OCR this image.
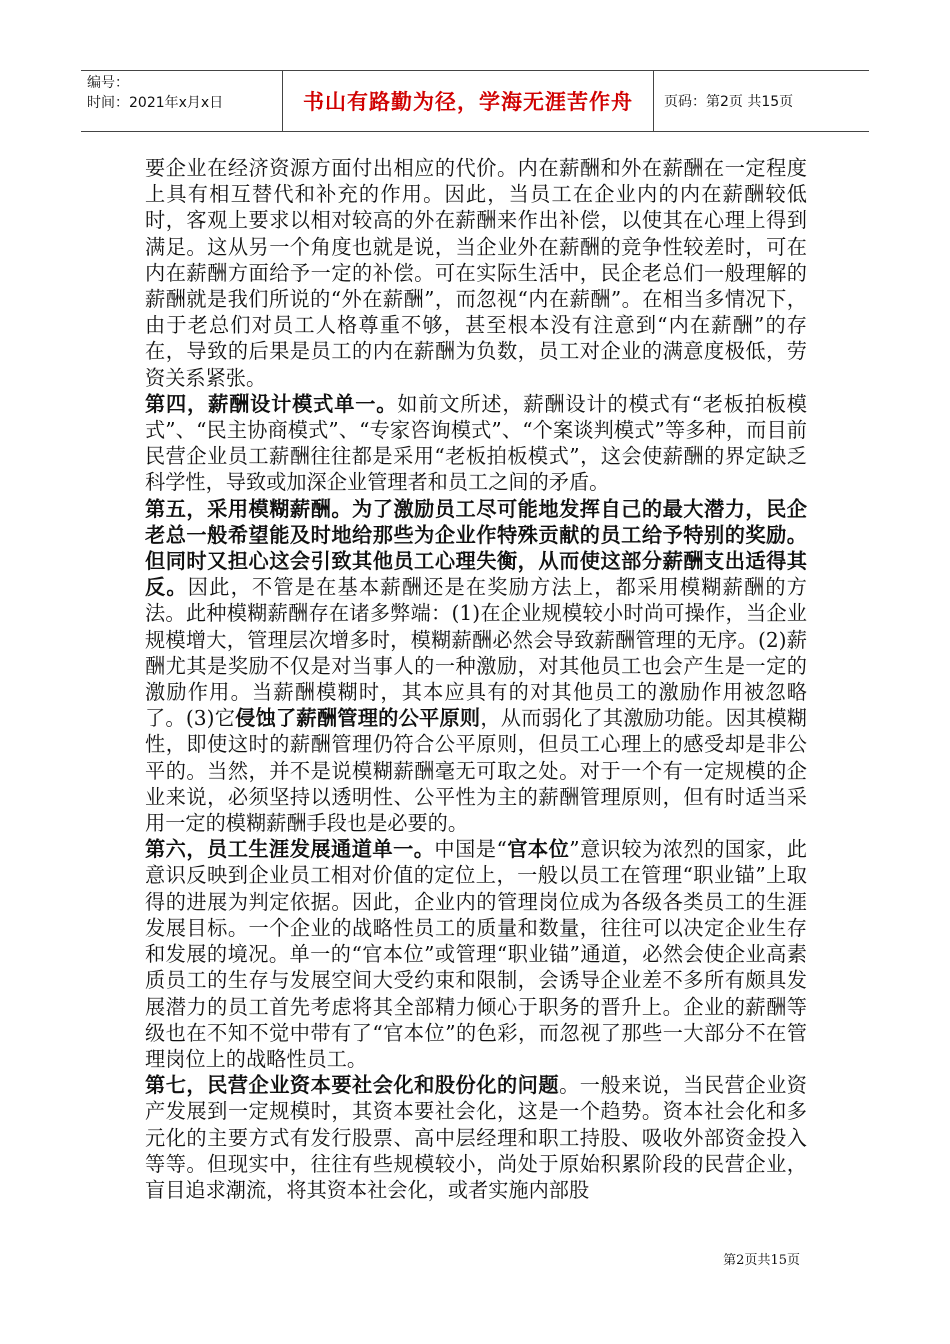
编号：
时间：2021年x月x日	书山有路勤为径，学海无涯苦作舟	页码：第2页 共15页

要企业在经济资源方面付出相应的代价。内在薪酬和外在薪酬在一定程度上具有相互替代和补充的作用。因此，当员工在企业内的内在薪酬较低时，客观上要求以相对较高的外在薪酬来作出补偿，以使其在心理上得到满足。这从另一个角度也就是说，当企业外在薪酬的竞争性较差时，可在内在薪酬方面给予一定的补偿。可在实际生活中，民企老总们一般理解的薪酬就是我们所说的“外在薪酬”，而忽视“内在薪酬”。在相当多情况下，由于老总们对员工人格尊重不够，甚至根本没有注意到“内在薪酬”的存在，导致的后果是员工的内在薪酬为负数，员工对企业的满意度极低，劳资关系紧张。

第四，薪酬设计模式单一。如前文所述，薪酬设计的模式有“老板拍板模式”、“民主协商模式”、“专家咨询模式”、“个案谈判模式”等多种，而目前民营企业员工薪酬往往都是采用“老板拍板模式”，这会使薪酬的界定缺乏科学性，导致或加深企业管理者和员工之间的矛盾。

第五，采用模糊薪酬。为了激励员工尽可能地发挥自己的最大潜力，民企老总一般希望能及时地给那些为企业作特殊贡献的员工给予特别的奖励。但同时又担心这会引致其他员工心理失衡，从而使这部分薪酬支出适得其反。因此，不管是在基本薪酬还是在奖励方法上，都采用模糊薪酬的方法。此种模糊薪酬存在诸多弊端：(1)在企业规模较小时尚可操作，当企业规模增大，管理层次增多时，模糊薪酬必然会导致薪酬管理的无序。(2)薪酬尤其是奖励不仅是对当事人的一种激励，对其他员工也会产生是一定的激励作用。当薪酬模糊时，其本应具有的对其他员工的激励作用被忽略了。(3)它侵蚀了薪酬管理的公平原则，从而弱化了其激励功能。因其模糊性，即使这时的薪酬管理仍符合公平原则，但员工心理上的感受却是非公平的。当然，并不是说模糊薪酬毫无可取之处。对于一个有一定规模的企业来说，必须坚持以透明性、公平性为主的薪酬管理原则，但有时适当采用一定的模糊薪酬手段也是必要的。

第六，员工生涯发展通道单一。中国是“官本位”意识较为浓烈的国家，此意识反映到企业员工相对价值的定位上，一般以员工在管理“职业锚”上取得的进展为判定依据。因此，企业内的管理岗位成为各级各类员工的生涯发展目标。一个企业的战略性员工的质量和数量，往往可以决定企业生存和发展的境况。单一的“官本位”或管理“职业锚”通道，必然会使企业高素质员工的生存与发展空间大受约束和限制，会诱导企业差不多所有颇具发展潜力的员工首先考虑将其全部精力倾心于职务的晋升上。企业的薪酬等级也在不知不觉中带有了“官本位”的色彩，而忽视了那些一大部分不在管理岗位上的战略性员工。

第七，民营企业资本要社会化和股份化的问题。一般来说，当民营企业资产发展到一定规模时，其资本要社会化，这是一个趋势。资本社会化和多元化的主要方式有发行股票、高中层经理和职工持股、吸收外部资金投入等等。但现实中，往往有些规模较小，尚处于原始积累阶段的民营企业，盲目追求潮流，将其资本社会化，或者实施内部股

第2页共15页
